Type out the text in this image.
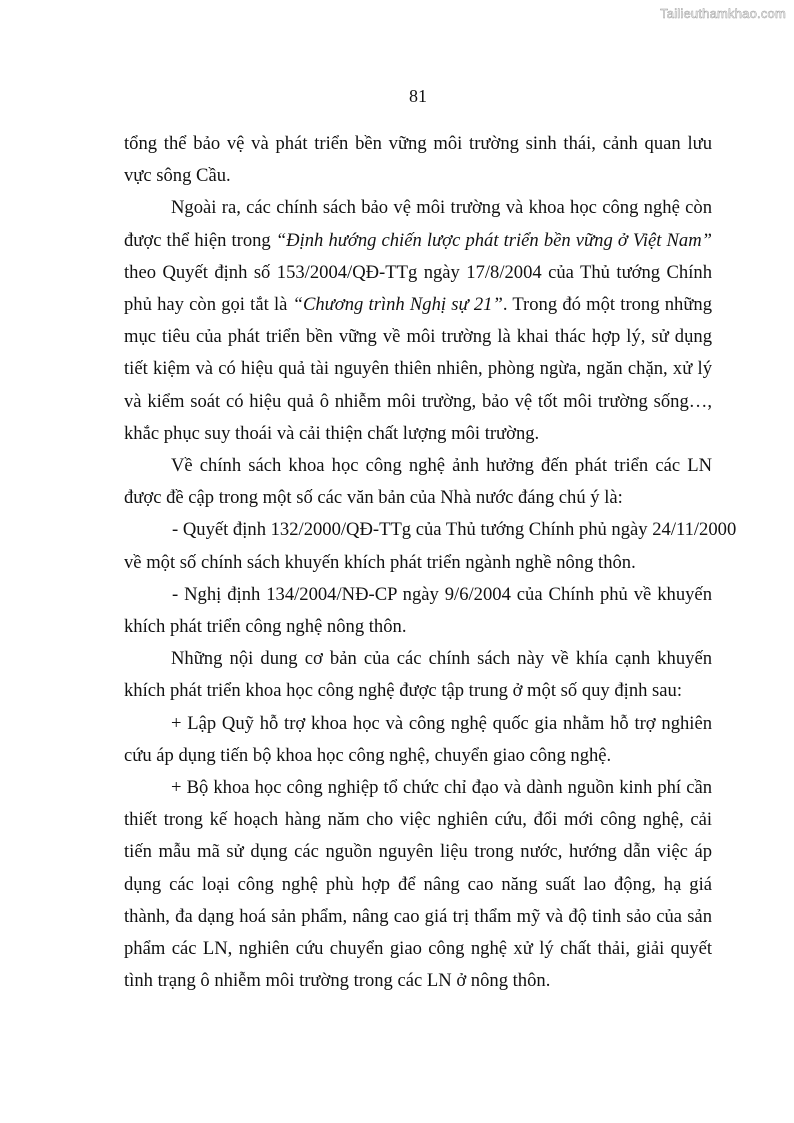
Tailieuthamkhao.com
81
tổng thể bảo vệ và phát triển bền vững môi trường sinh thái, cảnh quan lưu
vực sông Cầu.
Ngoài ra, các chính sách bảo vệ môi trường và khoa học công nghệ còn
được thể hiện trong “Định hướng chiến lược phát triển bền vững ở Việt Nam”
theo Quyết định số 153/2004/QĐ-TTg ngày 17/8/2004 của Thủ tướng Chính
phủ hay còn gọi tắt là “Chương trình Nghị sự 21”. Trong đó một trong những
mục tiêu của phát triển bền vững về môi trường là khai thác hợp lý, sử dụng
tiết kiệm và có hiệu quả tài nguyên thiên nhiên, phòng ngừa, ngăn chặn, xử lý
và kiểm soát có hiệu quả ô nhiễm môi trường, bảo vệ tốt môi trường sống…,
khắc phục suy thoái và cải thiện chất lượng môi trường.
Về chính sách khoa học công nghệ ảnh hưởng đến phát triển các LN
được đề cập trong một số các văn bản của Nhà nước đáng chú ý là:
- Quyết định 132/2000/QĐ-TTg của Thủ tướng Chính phủ ngày 24/11/2000
về một số chính sách khuyến khích phát triển ngành nghề nông thôn.
- Nghị định 134/2004/NĐ-CP ngày 9/6/2004 của Chính phủ về khuyến
khích phát triển công nghệ nông thôn.
Những nội dung cơ bản của các chính sách này về khía cạnh khuyến
khích phát triển khoa học công nghệ được tập trung ở một số quy định sau:
+ Lập Quỹ hỗ trợ khoa học và công nghệ quốc gia nhằm hỗ trợ nghiên
cứu áp dụng tiến bộ khoa học công nghệ, chuyển giao công nghệ.
+ Bộ khoa học công nghiệp tổ chức chỉ đạo và dành nguồn kinh phí cần
thiết trong kế hoạch hàng năm cho việc nghiên cứu, đổi mới công nghệ, cải
tiến mẫu mã sử dụng các nguồn nguyên liệu trong nước, hướng dẫn việc áp
dụng các loại công nghệ phù hợp để nâng cao năng suất lao động, hạ giá
thành, đa dạng hoá sản phẩm, nâng cao giá trị thẩm mỹ và độ tinh sảo của sản
phẩm các LN, nghiên cứu chuyển giao công nghệ xử lý chất thải, giải quyết
tình trạng ô nhiễm môi trường trong các LN ở nông thôn.
